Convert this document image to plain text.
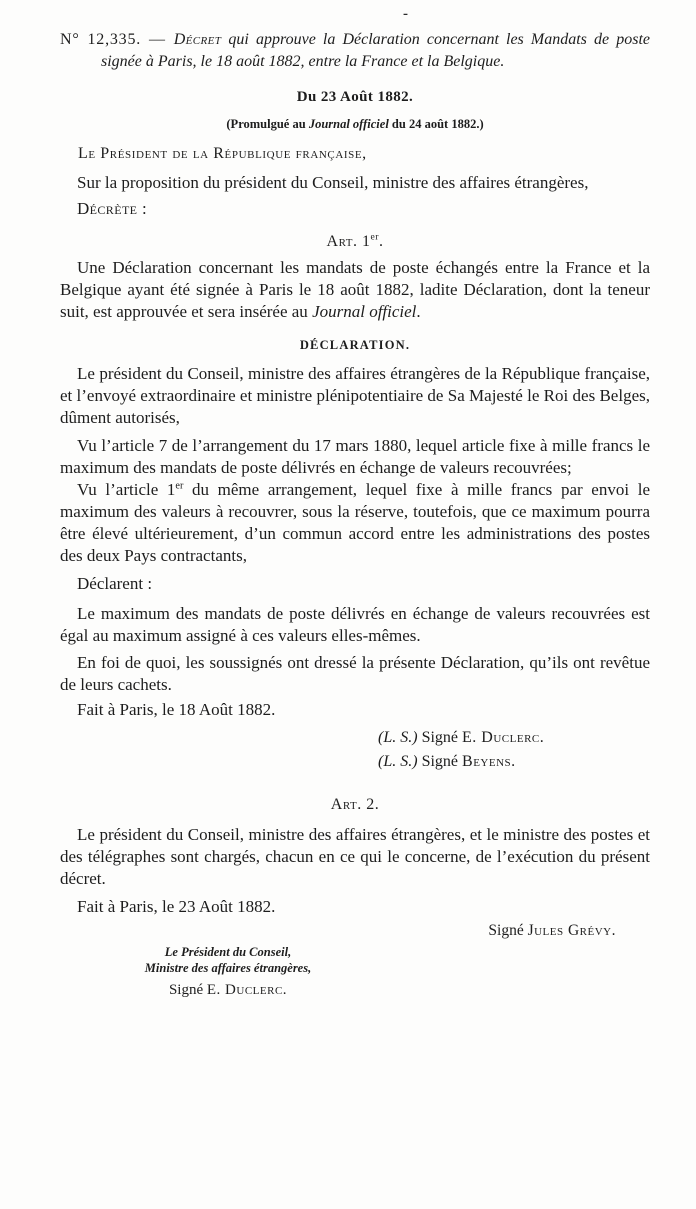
-

N° 12,335. — Décret qui approuve la Déclaration concernant les Mandats de poste signée à Paris, le 18 août 1882, entre la France et la Belgique.

Du 23 Août 1882.

(Promulgué au Journal officiel du 24 août 1882.)

Le Président de la République française,

Sur la proposition du président du Conseil, ministre des affaires étrangères,

Décrète :

Art. 1er.

Une Déclaration concernant les mandats de poste échangés entre la France et la Belgique ayant été signée à Paris le 18 août 1882, ladite Déclaration, dont la teneur suit, est approuvée et sera insérée au Journal officiel.

DÉCLARATION.

Le président du Conseil, ministre des affaires étrangères de la République française, et l’envoyé extraordinaire et ministre plénipotentiaire de Sa Majesté le Roi des Belges, dûment autorisés,

Vu l’article 7 de l’arrangement du 17 mars 1880, lequel article fixe à mille francs le maximum des mandats de poste délivrés en échange de valeurs recouvrées;

Vu l’article 1er du même arrangement, lequel fixe à mille francs par envoi le maximum des valeurs à recouvrer, sous la réserve, toutefois, que ce maximum pourra être élevé ultérieurement, d’un commun accord entre les administrations des postes des deux Pays contractants,

Déclarent :

Le maximum des mandats de poste délivrés en échange de valeurs recouvrées est égal au maximum assigné à ces valeurs elles-mêmes.

En foi de quoi, les soussignés ont dressé la présente Déclaration, qu’ils ont revêtue de leurs cachets.

Fait à Paris, le 18 Août 1882.

(L. S.) Signé E. Duclerc.

(L. S.) Signé Beyens.

Art. 2.

Le président du Conseil, ministre des affaires étrangères, et le ministre des postes et des télégraphes sont chargés, chacun en ce qui le concerne, de l’exécution du présent décret.

Fait à Paris, le 23 Août 1882.

Signé Jules Grévy.

Le Président du Conseil,

Ministre des affaires étrangères,

Signé E. Duclerc.
